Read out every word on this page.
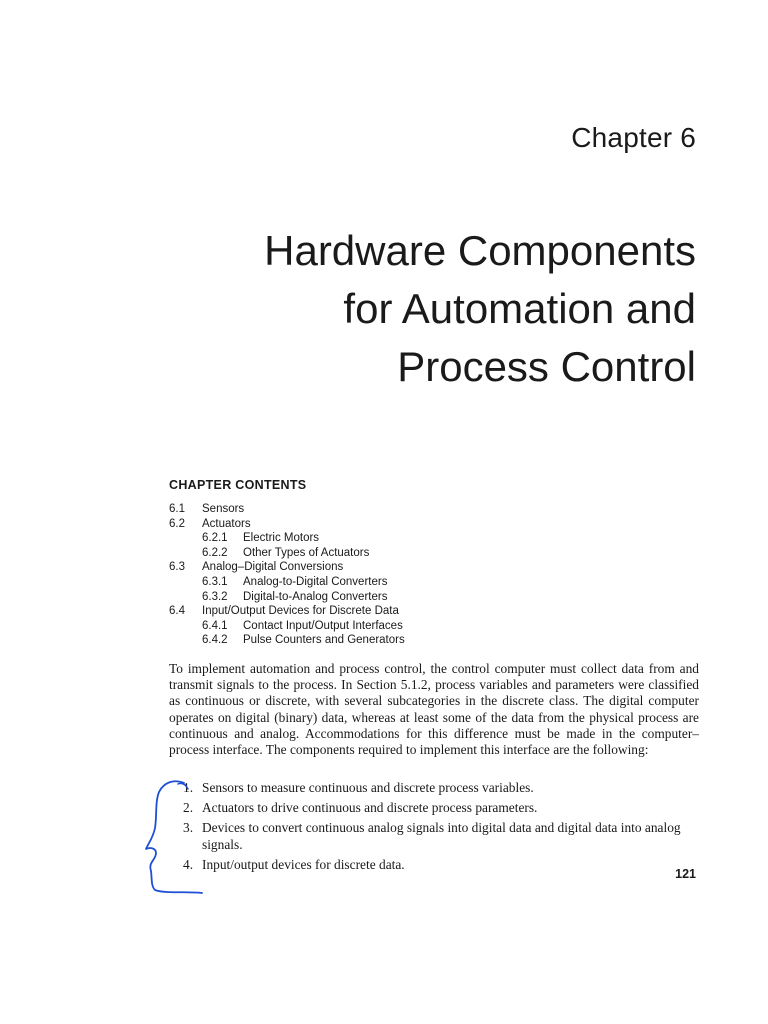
Chapter 6
Hardware Components
for Automation and
Process Control
CHAPTER CONTENTS
6.1 Sensors
6.2 Actuators
6.2.1 Electric Motors
6.2.2 Other Types of Actuators
6.3 Analog–Digital Conversions
6.3.1 Analog-to-Digital Converters
6.3.2 Digital-to-Analog Converters
6.4 Input/Output Devices for Discrete Data
6.4.1 Contact Input/Output Interfaces
6.4.2 Pulse Counters and Generators
To implement automation and process control, the control computer must collect data from and transmit signals to the process. In Section 5.1.2, process variables and parameters were classified as continuous or discrete, with several subcategories in the discrete class. The digital computer operates on digital (binary) data, whereas at least some of the data from the physical process are continuous and analog. Accommodations for this difference must be made in the computer–process interface. The components required to implement this interface are the following:
1. Sensors to measure continuous and discrete process variables.
2. Actuators to drive continuous and discrete process parameters.
3. Devices to convert continuous analog signals into digital data and digital data into analog signals.
4. Input/output devices for discrete data.
121
